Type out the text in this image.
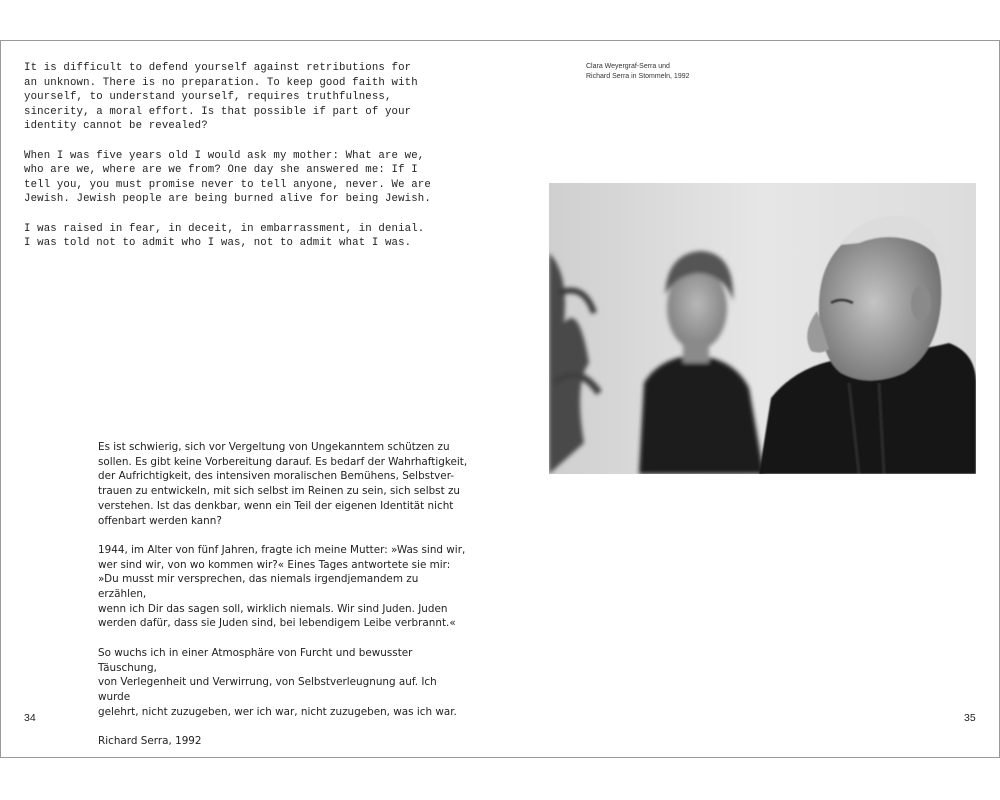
It is difficult to defend yourself against retributions for
an unknown. There is no preparation. To keep good faith with
yourself, to understand yourself, requires truthfulness,
sincerity, a moral effort. Is that possible if part of your
identity cannot be revealed?

When I was five years old I would ask my mother: What are we,
who are we, where are we from? One day she answered me: If I
tell you, you must promise never to tell anyone, never. We are
Jewish. Jewish people are being burned alive for being Jewish.

I was raised in fear, in deceit, in embarrassment, in denial.
I was told not to admit who I was, not to admit what I was.

Es ist schwierig, sich vor Vergeltung von Ungekanntem schützen zu
sollen. Es gibt keine Vorbereitung darauf. Es bedarf der Wahrhaftigkeit,
der Aufrichtigkeit, des intensiven moralischen Bemühens, Selbstver-
trauen zu entwickeln, mit sich selbst im Reinen zu sein, sich selbst zu
verstehen. Ist das denkbar, wenn ein Teil der eigenen Identität nicht
offenbart werden kann?

1944, im Alter von fünf Jahren, fragte ich meine Mutter: »Was sind wir,
wer sind wir, von wo kommen wir?« Eines Tages antwortete sie mir:
»Du musst mir versprechen, das niemals irgendjemandem zu erzählen,
wenn ich Dir das sagen soll, wirklich niemals. Wir sind Juden. Juden
werden dafür, dass sie Juden sind, bei lebendigem Leibe verbrannt.«

So wuchs ich in einer Atmosphäre von Furcht und bewusster Täuschung,
von Verlegenheit und Verwirrung, von Selbstverleugnung auf. Ich wurde
gelehrt, nicht zuzugeben, wer ich war, nicht zuzugeben, was ich war.

Richard Serra, 1992

Clara Weyergraf-Serra und
Richard Serra in Stommeln, 1992
34	35
